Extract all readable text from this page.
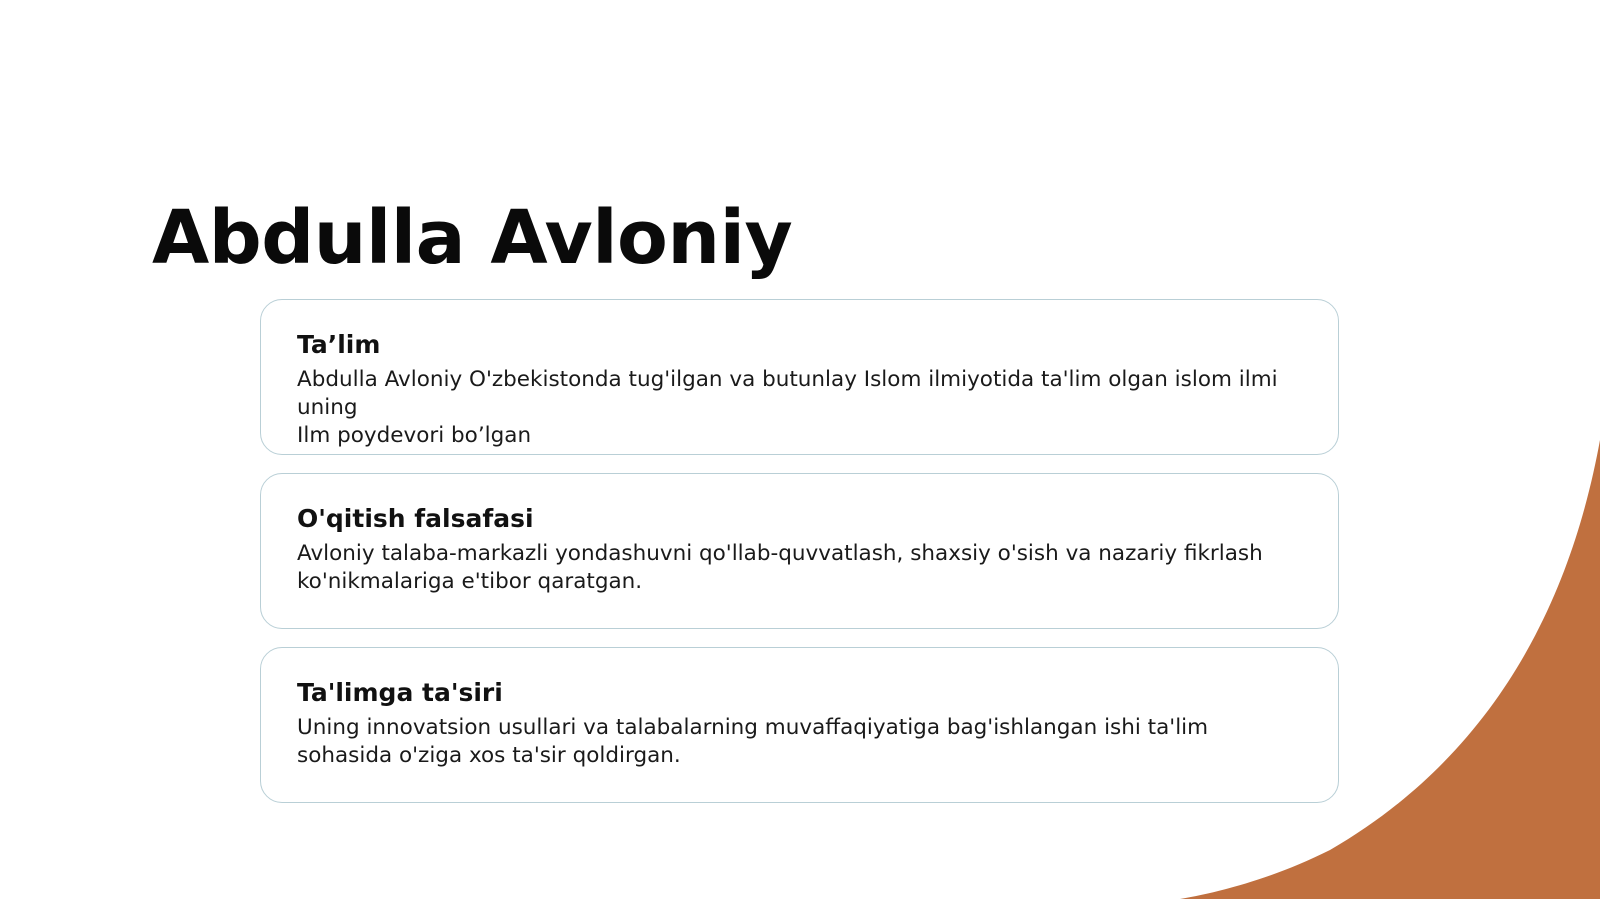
Abdulla Avloniy
Ta’lim

Abdulla Avloniy O'zbekistonda tug'ilgan va butunlay Islom ilmiyotida ta'lim olgan islom ilmi
uning
Ilm poydevori bo’lgan

O'qitish falsafasi

Avloniy talaba-markazli yondashuvni qo'llab-quvvatlash, shaxsiy o'sish va nazariy fikrlash ko'nikmalariga e'tibor qaratgan.

Ta'limga ta'siri

Uning innovatsion usullari va talabalarning muvaffaqiyatiga bag'ishlangan ishi ta'lim sohasida o'ziga xos ta'sir qoldirgan.
